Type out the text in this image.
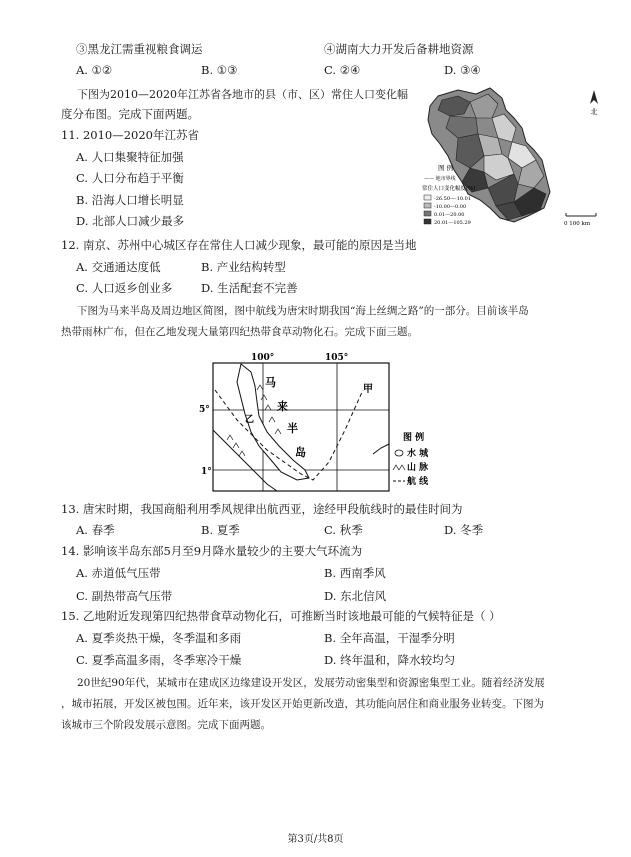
③黑龙江需重视粮食调运	④湖南大力开发后备耕地资源
A. ①②	B. ①③	C. ②④	D. ③④
下图为2010—2020年江苏省各地市的县（市、区）常住人口变化幅
度分布图。完成下面两题。
11. 2010—2020年江苏省
A. 人口集聚特征加强
C. 人口分布趋于平衡
B. 沿海人口增长明显
D. 北部人口减少最多
北
图 例
—— 地市界线
常住人口变化幅度(%)
-26.50—-10.01
-10.00—0.00
0.01—20.00
20.01—105.29	0 100 km
12. 南京、苏州中心城区存在常住人口减少现象，最可能的原因是当地
A. 交通通达度低	B. 产业结构转型
C. 人口返乡创业多	D. 生活配套不完善
下图为马来半岛及周边地区简图，图中航线为唐宋时期我国“海上丝绸之路”的一部分。目前该半岛
热带雨林广布，但在乙地发现大量第四纪热带食草动物化石。完成下面三题。
100°	105°
5°
1°
甲
乙
马
来
半
岛
图 例
水 城
山 脉
航 线
13. 唐宋时期，我国商船利用季风规律出航西亚，途经甲段航线时的最佳时间为
A. 春季	B. 夏季	C. 秋季	D. 冬季
14. 影响该半岛东部5月至9月降水量较少的主要大气环流为
A. 赤道低气压带	B. 西南季风
C. 副热带高气压带	D. 东北信风
15. 乙地附近发现第四纪热带食草动物化石，可推断当时该地最可能的气候特征是（ ）
A. 夏季炎热干燥，冬季温和多雨	B. 全年高温，干湿季分明
C. 夏季高温多雨，冬季寒冷干燥	D. 终年温和，降水较均匀
20世纪90年代，某城市在建成区边缘建设开发区，发展劳动密集型和资源密集型工业。随着经济发展
，城市拓展，开发区被包围。近年来，该开发区开始更新改造，其功能向居住和商业服务业转变。下图为
该城市三个阶段发展示意图。完成下面两题。
第3页/共8页
